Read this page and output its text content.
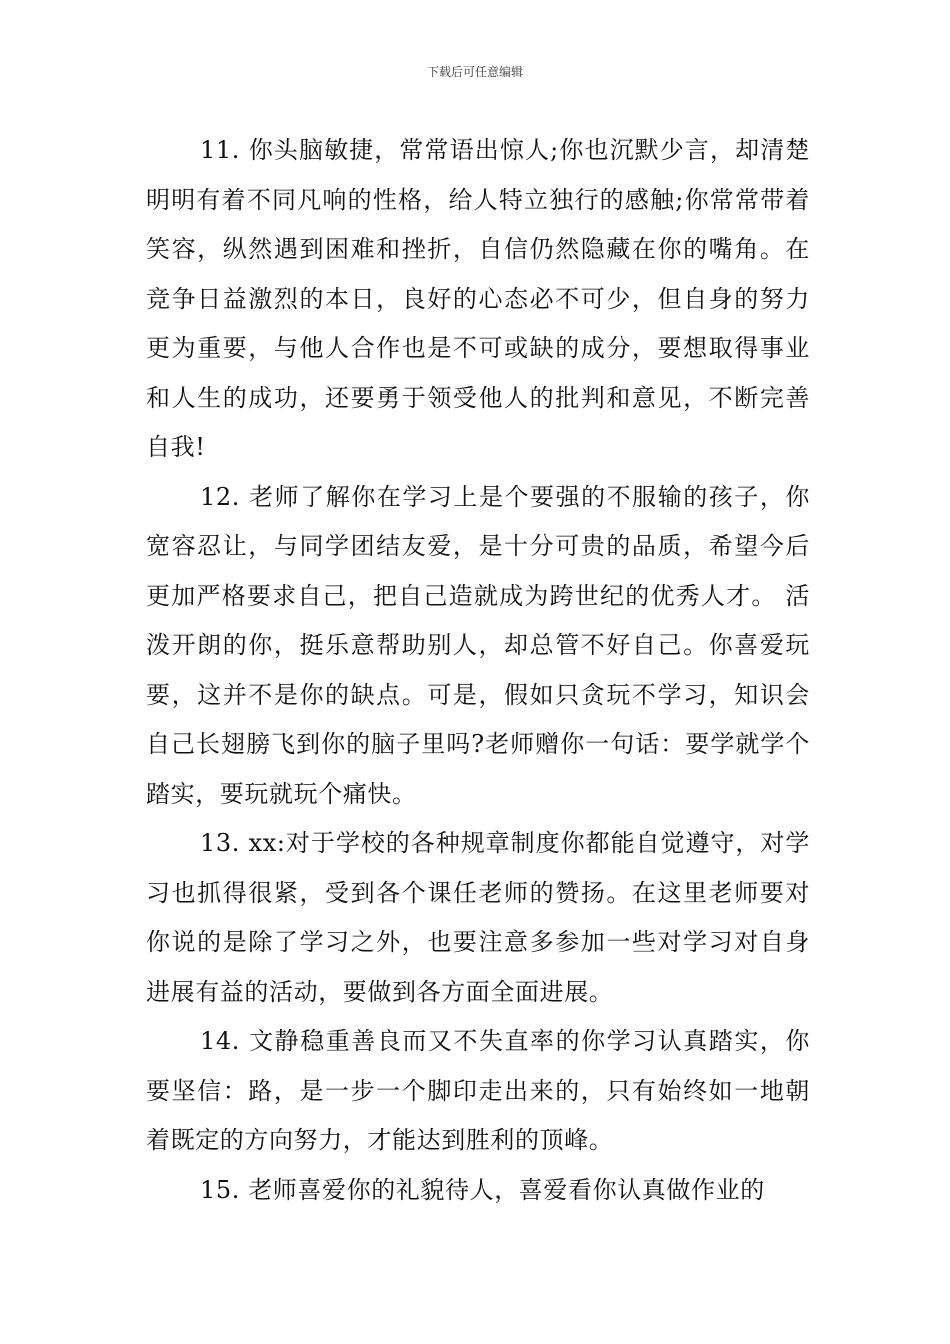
下载后可任意编辑

11. 你头脑敏捷，常常语出惊人;你也沉默少言，却清楚明明有着不同凡响的性格，给人特立独行的感触;你常常带着笑容，纵然遇到困难和挫折，自信仍然隐藏在你的嘴角。在竞争日益激烈的本日，良好的心态必不可少，但自身的努力更为重要，与他人合作也是不可或缺的成分，要想取得事业和人生的成功，还要勇于领受他人的批判和意见，不断完善自我!

12. 老师了解你在学习上是个要强的不服输的孩子，你宽容忍让，与同学团结友爱，是十分可贵的品质，希望今后更加严格要求自己，把自己造就成为跨世纪的优秀人才。 活泼开朗的你，挺乐意帮助别人，却总管不好自己。你喜爱玩要，这并不是你的缺点。可是，假如只贪玩不学习，知识会自己长翅膀飞到你的脑子里吗?老师赠你一句话：要学就学个踏实，要玩就玩个痛快。

13. xx:对于学校的各种规章制度你都能自觉遵守，对学习也抓得很紧，受到各个课任老师的赞扬。在这里老师要对你说的是除了学习之外，也要注意多参加一些对学习对自身进展有益的活动，要做到各方面全面进展。

14. 文静稳重善良而又不失直率的你学习认真踏实，你要坚信：路，是一步一个脚印走出来的，只有始终如一地朝着既定的方向努力，才能达到胜利的顶峰。

15. 老师喜爱你的礼貌待人，喜爱看你认真做作业的
